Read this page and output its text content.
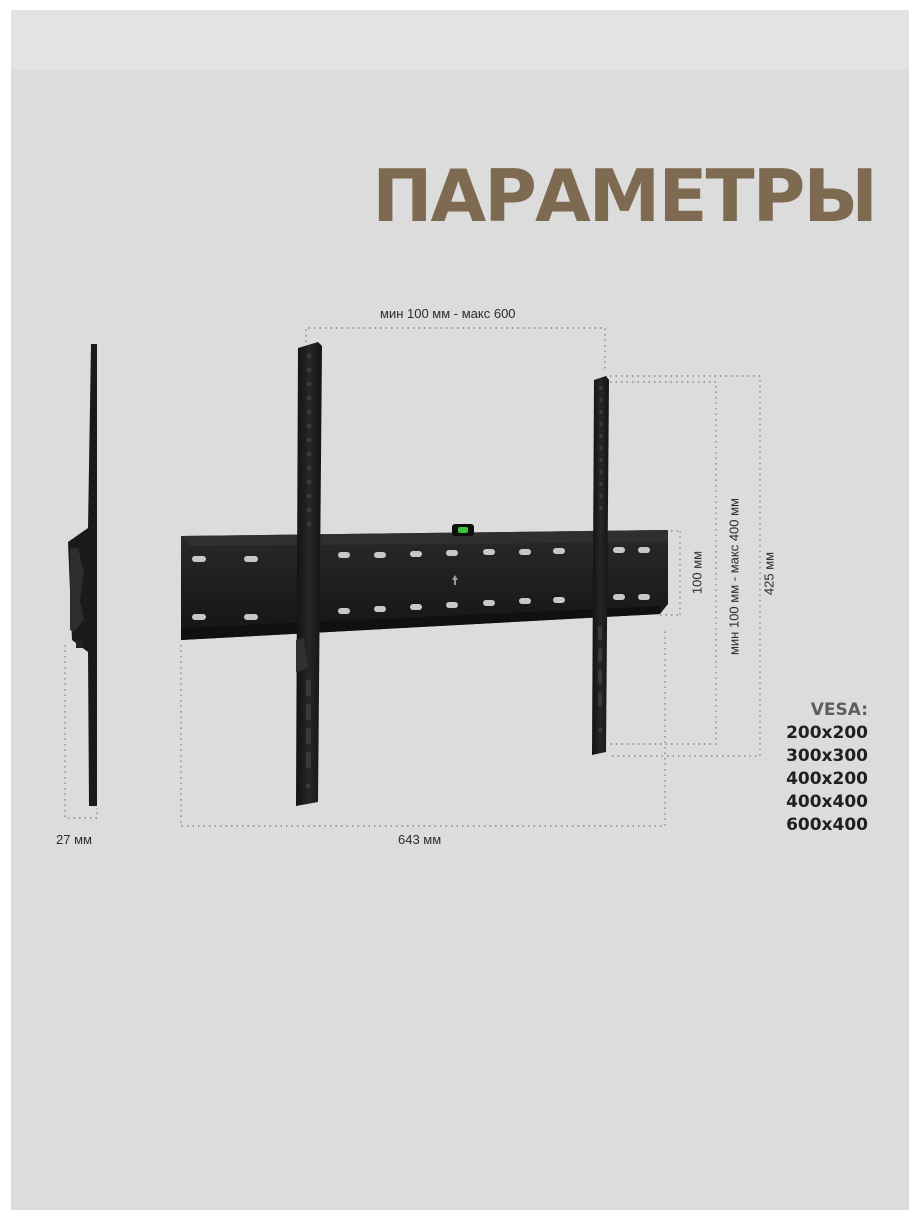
ПАРАМЕТРЫ
мин 100 мм - макс 600
643 мм
27 мм
100 мм мин 100 мм - макс 400 мм 425 мм
VESA:
200x200
300x300
400x200
400x400
600x400
